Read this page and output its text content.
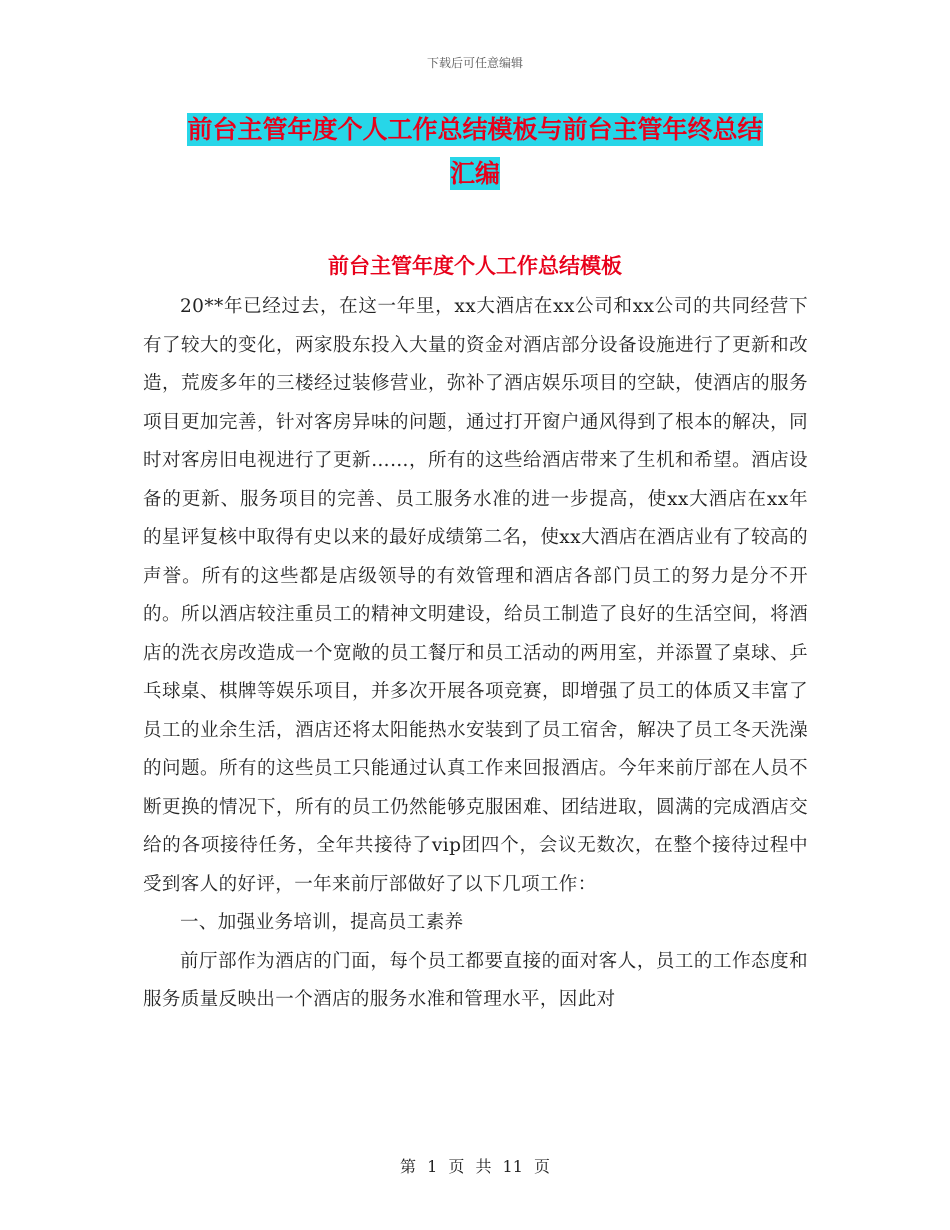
下载后可任意编辑
前台主管年度个人工作总结模板与前台主管年终总结
汇编
前台主管年度个人工作总结模板

20**年已经过去，在这一年里，xx大酒店在xx公司和xx公司的共同经营下有了较大的变化，两家股东投入大量的资金对酒店部分设备设施进行了更新和改造，荒废多年的三楼经过装修营业，弥补了酒店娱乐项目的空缺，使酒店的服务项目更加完善，针对客房异味的问题，通过打开窗户通风得到了根本的解决，同时对客房旧电视进行了更新……，所有的这些给酒店带来了生机和希望。酒店设备的更新、服务项目的完善、员工服务水准的进一步提高，使xx大酒店在xx年的星评复核中取得有史以来的最好成绩第二名，使xx大酒店在酒店业有了较高的声誉。所有的这些都是店级领导的有效管理和酒店各部门员工的努力是分不开的。所以酒店较注重员工的精神文明建设，给员工制造了良好的生活空间，将酒店的洗衣房改造成一个宽敞的员工餐厅和员工活动的两用室，并添置了桌球、乒乓球桌、棋牌等娱乐项目，并多次开展各项竞赛，即增强了员工的体质又丰富了员工的业余生活，酒店还将太阳能热水安装到了员工宿舍，解决了员工冬天洗澡的问题。所有的这些员工只能通过认真工作来回报酒店。今年来前厅部在人员不断更换的情况下，所有的员工仍然能够克服困难、团结进取，圆满的完成酒店交给的各项接待任务，全年共接待了vip团四个，会议无数次，在整个接待过程中受到客人的好评，一年来前厅部做好了以下几项工作：

一、加强业务培训，提高员工素养

前厅部作为酒店的门面，每个员工都要直接的面对客人，员工的工作态度和服务质量反映出一个酒店的服务水准和管理水平，因此对

第 1 页 共 11 页
